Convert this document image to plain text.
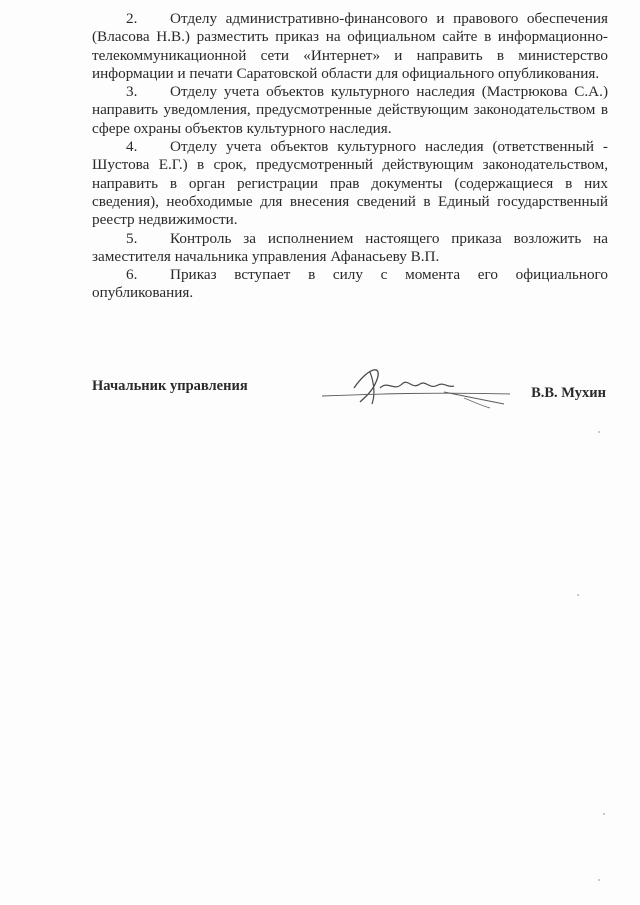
2. Отделу административно-финансового и правового обеспечения (Власова Н.В.) разместить приказ на официальном сайте в информационно-телекоммуникационной сети «Интернет» и направить в министерство информации и печати Саратовской области для официального опубликования.

3. Отделу учета объектов культурного наследия (Мастрюкова С.А.) направить уведомления, предусмотренные действующим законодательством в сфере охраны объектов культурного наследия.

4. Отделу учета объектов культурного наследия (ответственный - Шустова Е.Г.) в срок, предусмотренный действующим законодательством, направить в орган регистрации прав документы (содержащиеся в них сведения), необходимые для внесения сведений в Единый государственный реестр недвижимости.

5. Контроль за исполнением настоящего приказа возложить на заместителя начальника управления Афанасьеву В.П.

6. Приказ вступает в силу с момента его официального опубликования.

Начальник управления	В.В. Мухин
